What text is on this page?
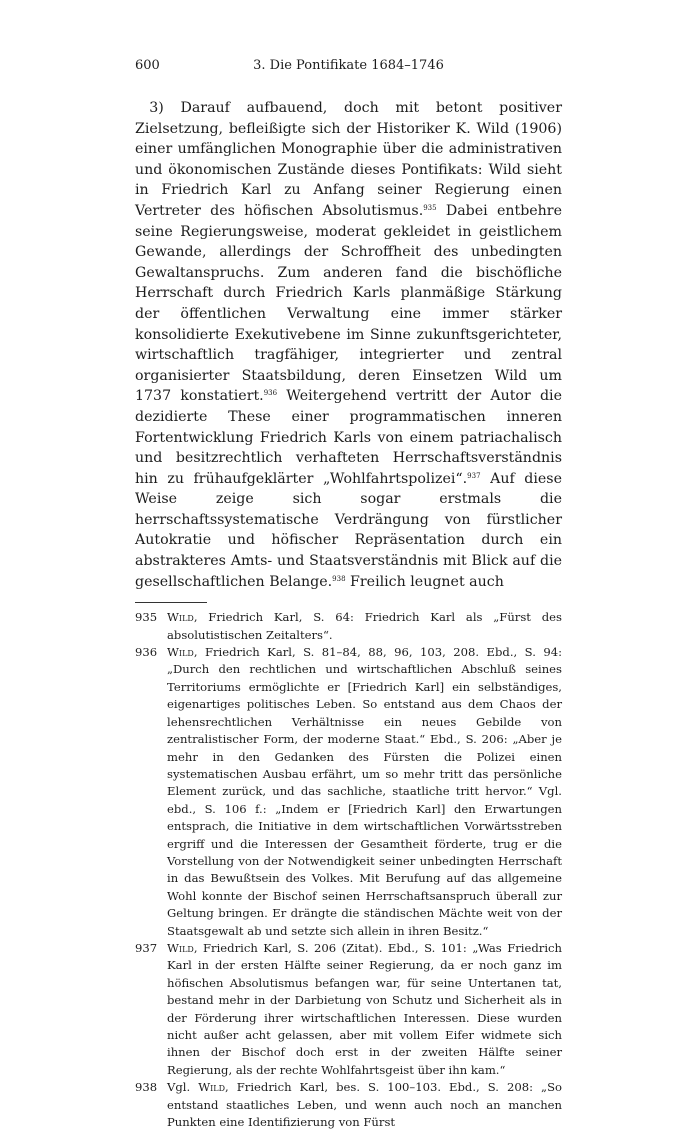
600	3. Die Pontifikate 1684–1746

3) Darauf aufbauend, doch mit betont positiver Zielsetzung, befleißigte sich der Historiker K. Wild (1906) einer umfänglichen Monographie über die administrativen und ökonomischen Zustände dieses Pontifikats: Wild sieht in Friedrich Karl zu Anfang seiner Regierung einen Vertreter des höfischen Absolutismus.$^{935}$ Dabei entbehre seine Regierungsweise, moderat gekleidet in geistlichem Gewande, allerdings der Schroffheit des unbedingten Gewaltanspruchs. Zum anderen fand die bischöfliche Herrschaft durch Friedrich Karls planmäßige Stärkung der öffentlichen Verwaltung eine immer stärker konsolidierte Exekutivebene im Sinne zukunftsgerichteter, wirtschaftlich tragfähiger, integrierter und zentral organisierter Staatsbildung, deren Einsetzen Wild um 1737 konstatiert.$^{936}$ Weitergehend vertritt der Autor die dezidierte These einer programmatischen inneren Fortentwicklung Friedrich Karls von einem patriachalisch und besitzrechtlich verhafteten Herrschaftsverständnis hin zu frühaufgeklärter „Wohlfahrtspolizei“.$^{937}$ Auf diese Weise zeige sich sogar erstmals die herrschaftssystematische Verdrängung von fürstlicher Autokratie und höfischer Repräsentation durch ein abstrakteres Amts- und Staatsverständnis mit Blick auf die gesellschaftlichen Belange.$^{938}$ Freilich leugnet auch

935 Wild, Friedrich Karl, S. 64: Friedrich Karl als „Fürst des absolutistischen Zeitalters“.
936 Wild, Friedrich Karl, S. 81–84, 88, 96, 103, 208. Ebd., S. 94: „Durch den rechtlichen und wirtschaftlichen Abschluß seines Territoriums ermöglichte er [Friedrich Karl] ein selbständiges, eigenartiges politisches Leben. So entstand aus dem Chaos der lehensrechtlichen Verhältnisse ein neues Gebilde von zentralistischer Form, der moderne Staat.“ Ebd., S. 206: „Aber je mehr in den Gedanken des Fürsten die Polizei einen systematischen Ausbau erfährt, um so mehr tritt das persönliche Element zurück, und das sachliche, staatliche tritt hervor.“ Vgl. ebd., S. 106 f.: „Indem er [Friedrich Karl] den Erwartungen entsprach, die Initiative in dem wirtschaftlichen Vorwärtsstreben ergriff und die Interessen der Gesamtheit förderte, trug er die Vorstellung von der Notwendigkeit seiner unbedingten Herrschaft in das Bewußtsein des Volkes. Mit Berufung auf das allgemeine Wohl konnte der Bischof seinen Herrschaftsanspruch überall zur Geltung bringen. Er drängte die ständischen Mächte weit von der Staatsgewalt ab und setzte sich allein in ihren Besitz.“
937 Wild, Friedrich Karl, S. 206 (Zitat). Ebd., S. 101: „Was Friedrich Karl in der ersten Hälfte seiner Regierung, da er noch ganz im höfischen Absolutismus befangen war, für seine Untertanen tat, bestand mehr in der Darbietung von Schutz und Sicherheit als in der Förderung ihrer wirtschaftlichen Interessen. Diese wurden nicht außer acht gelassen, aber mit vollem Eifer widmete sich ihnen der Bischof doch erst in der zweiten Hälfte seiner Regierung, als der rechte Wohlfahrtsgeist über ihn kam.“
938 Vgl. Wild, Friedrich Karl, bes. S. 100–103. Ebd., S. 208: „So entstand staatliches Leben, und wenn auch noch an manchen Punkten eine Identifizierung von Fürst
